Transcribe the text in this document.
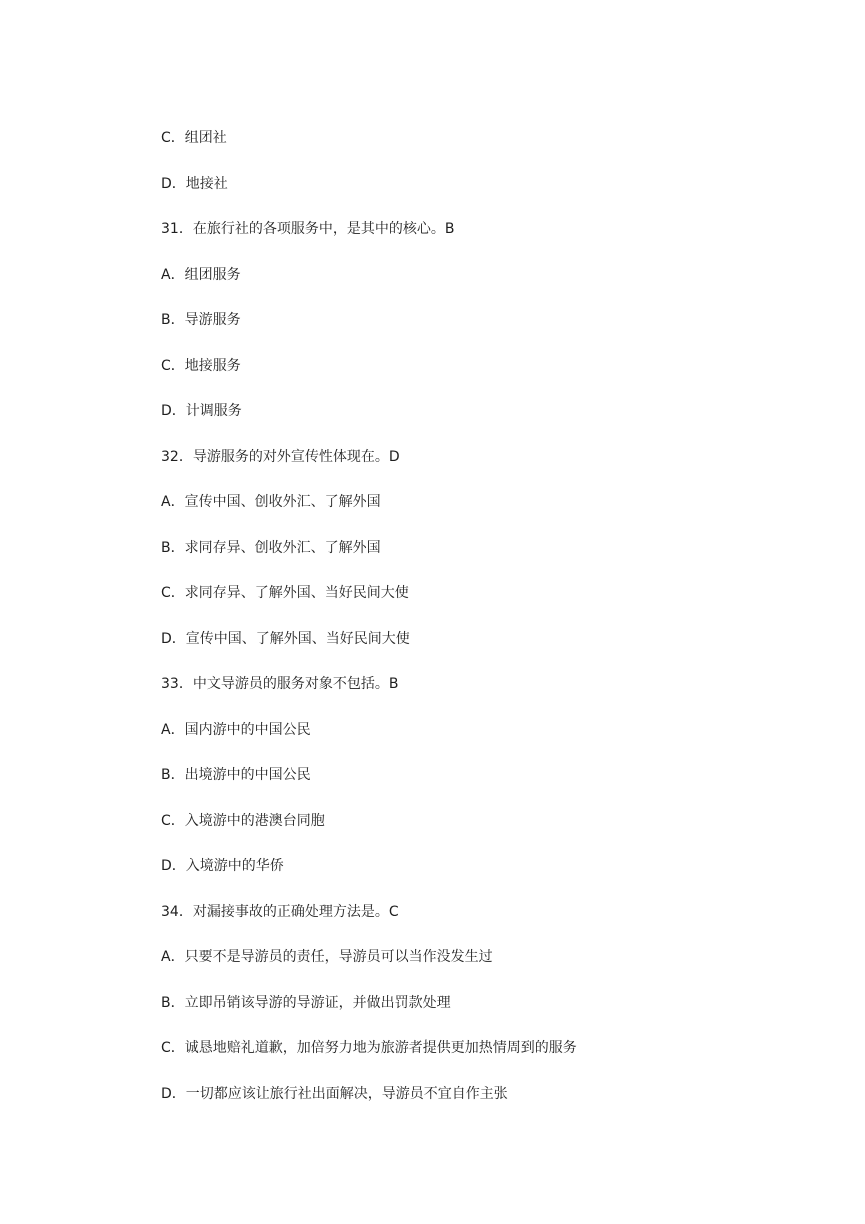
C．组团社
D．地接社
31．在旅行社的各项服务中，是其中的核心。B
A．组团服务
B．导游服务
C．地接服务
D．计调服务
32．导游服务的对外宣传性体现在。D
A．宣传中国、创收外汇、了解外国
B．求同存异、创收外汇、了解外国
C．求同存异、了解外国、当好民间大使
D．宣传中国、了解外国、当好民间大使
33．中文导游员的服务对象不包括。B
A．国内游中的中国公民
B．出境游中的中国公民
C．入境游中的港澳台同胞
D．入境游中的华侨
34．对漏接事故的正确处理方法是。C
A．只要不是导游员的责任，导游员可以当作没发生过
B．立即吊销该导游的导游证，并做出罚款处理
C．诚恳地赔礼道歉，加倍努力地为旅游者提供更加热情周到的服务
D．一切都应该让旅行社出面解决，导游员不宜自作主张
